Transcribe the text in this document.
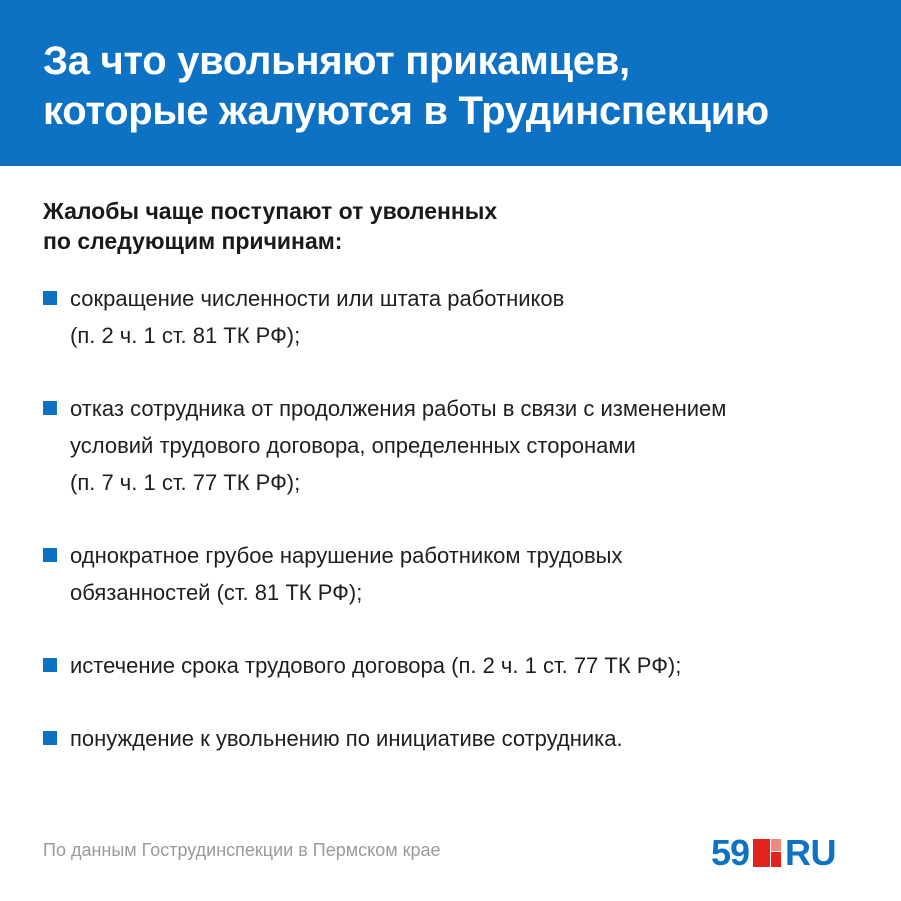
За что увольняют прикамцев,
которые жалуются в Трудинспекцию
Жалобы чаще поступают от уволенных
по следующим причинам:
сокращение численности или штата работников
(п. 2 ч. 1 ст. 81 ТК РФ);
отказ сотрудника от продолжения работы в связи с изменением
условий трудового договора, определенных сторонами
(п. 7 ч. 1 ст. 77 ТК РФ);
однократное грубое нарушение работником трудовых
обязанностей (ст. 81 ТК РФ);
истечение срока трудового договора (п. 2 ч. 1 ст. 77 ТК РФ);
понуждение к увольнению по инициативе сотрудника.
По данным Гострудинспекции в Пермском крае	59 RU
